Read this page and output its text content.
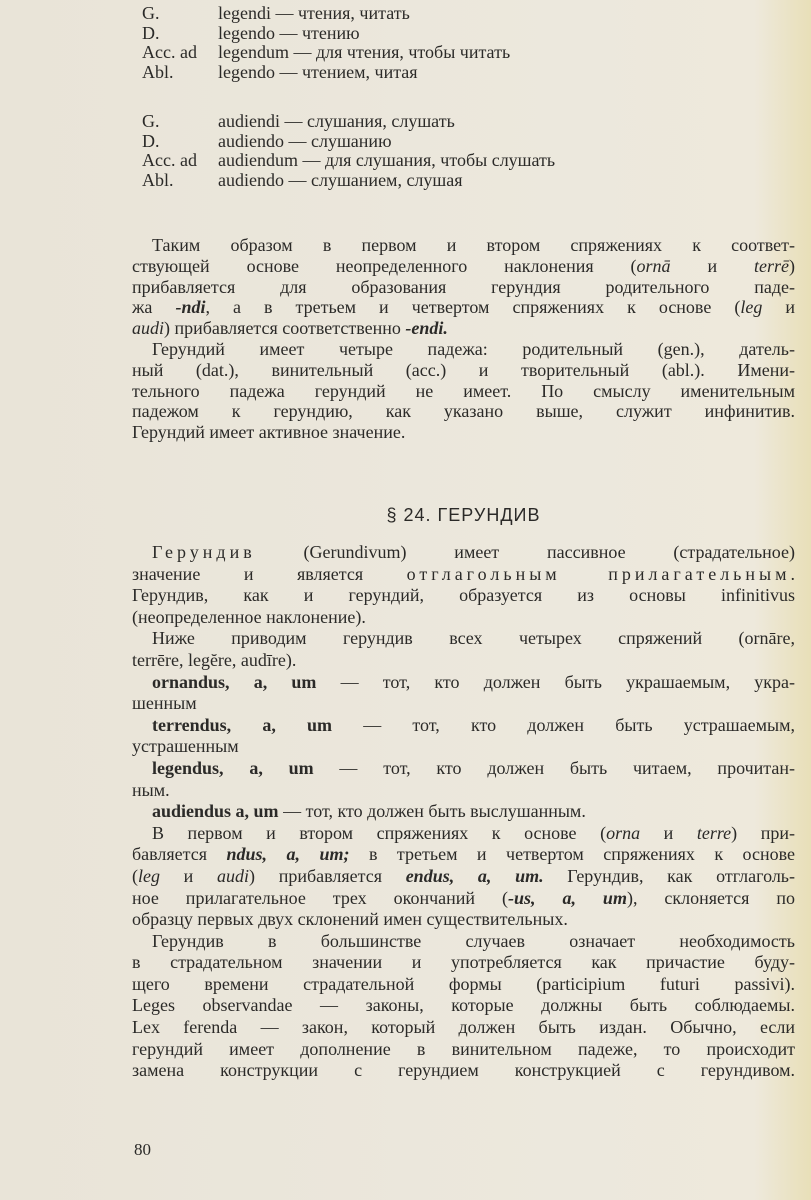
G.	legendi — чтения, читать
D.	legendo — чтению
Acc. ad	legendum — для чтения, чтобы читать
Abl.	legendo — чтением, читая
G.	audiendi — слушания, слушать
D.	audiendo — слушанию
Acc. ad	audiendum — для слушания, чтобы слушать
Abl.	audiendo — слушанием, слушая
Таким образом в первом и втором спряжениях к соответ-
ствующей основе неопределенного наклонения (ornā и terrē)
прибавляется для образования герундия родительного паде-
жа -ndi, а в третьем и четвертом спряжениях к основе (leg и
audi) прибавляется соответственно -endi.
Герундий имеет четыре падежа: родительный (gen.), датель-
ный (dat.), винительный (acc.) и творительный (abl.). Имени-
тельного падежа герундий не имеет. По смыслу именительным
падежом к герундию, как указано выше, служит инфинитив.
Герундий имеет активное значение.
§ 24. ГЕРУНДИВ
Герундив (Gerundivum) имеет пассивное (страдательное)
значение и является отглагольным прилагательным.
Герундив, как и герундий, образуется из основы infinitivus
(неопределенное наклонение).
Ниже приводим герундив всех четырех спряжений (ornāre,
terrēre, legĕre, audīre).
ornandus, a, um — тот, кто должен быть украшаемым, укра-
шенным
terrendus, a, um — тот, кто должен быть устрашаемым,
устрашенным
legendus, a, um — тот, кто должен быть читаем, прочитан-
ным.
audiendus a, um — тот, кто должен быть выслушанным.
В первом и втором спряжениях к основе (orna и terre) при-
бавляется ndus, a, um; в третьем и четвертом спряжениях к основе
(leg и audi) прибавляется endus, a, um. Герундив, как отглаголь-
ное прилагательное трех окончаний (-us, a, um), склоняется по
образцу первых двух склонений имен существительных.
Герундив в большинстве случаев означает необходимость
в страдательном значении и употребляется как причастие буду-
щего времени страдательной формы (participium futuri passivi).
Leges observandae — законы, которые должны быть соблюдаемы.
Lex ferenda — закон, который должен быть издан. Обычно, если
герундий имеет дополнение в винительном падеже, то происходит
замена конструкции с герундием конструкцией с герундивом.
80
